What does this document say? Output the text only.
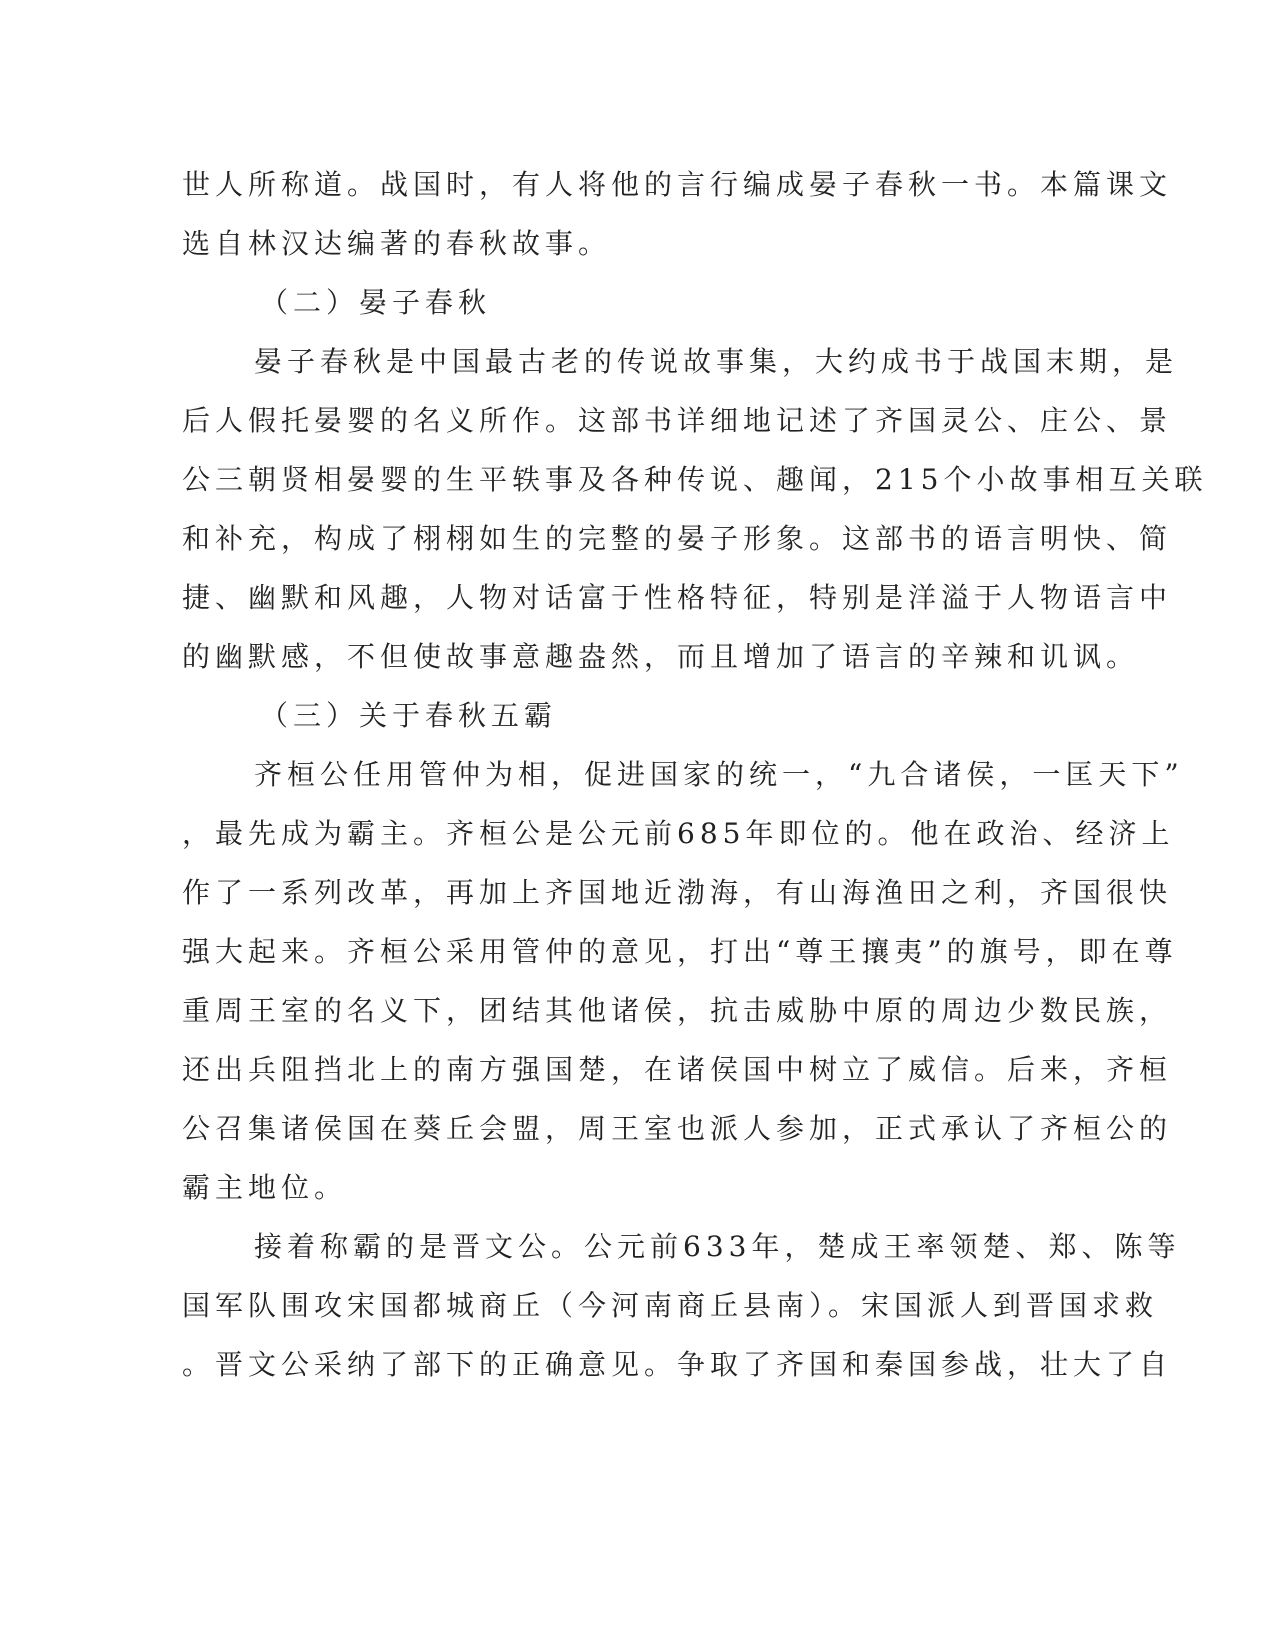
世人所称道。战国时，有人将他的言行编成晏子春秋一书。本篇课文
选自林汉达编著的春秋故事。
（二）晏子春秋
晏子春秋是中国最古老的传说故事集，大约成书于战国末期，是
后人假托晏婴的名义所作。这部书详细地记述了齐国灵公、庄公、景
公三朝贤相晏婴的生平轶事及各种传说、趣闻，215个小故事相互关联
和补充，构成了栩栩如生的完整的晏子形象。这部书的语言明快、简
捷、幽默和风趣，人物对话富于性格特征，特别是洋溢于人物语言中
的幽默感，不但使故事意趣盎然，而且增加了语言的辛辣和讥讽。
（三）关于春秋五霸
齐桓公任用管仲为相，促进国家的统一，“九合诸侯，一匡天下”
，最先成为霸主。齐桓公是公元前685年即位的。他在政治、经济上
作了一系列改革，再加上齐国地近渤海，有山海渔田之利，齐国很快
强大起来。齐桓公采用管仲的意见，打出“尊王攘夷”的旗号，即在尊
重周王室的名义下，团结其他诸侯，抗击威胁中原的周边少数民族，
还出兵阻挡北上的南方强国楚，在诸侯国中树立了威信。后来，齐桓
公召集诸侯国在葵丘会盟，周王室也派人参加，正式承认了齐桓公的
霸主地位。
接着称霸的是晋文公。公元前633年，楚成王率领楚、郑、陈等
国军队围攻宋国都城商丘（今河南商丘县南）。宋国派人到晋国求救
。晋文公采纳了部下的正确意见。争取了齐国和秦国参战，壮大了自
